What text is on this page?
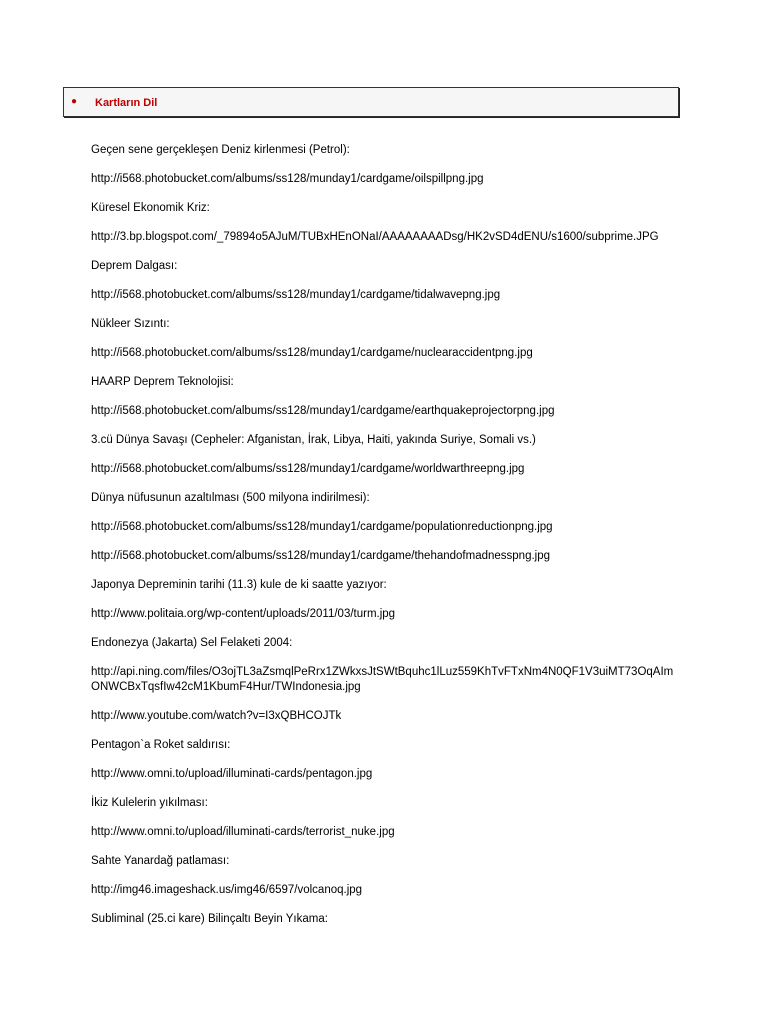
● Kartların Dil

Geçen sene gerçekleşen Deniz kirlenmesi (Petrol):

http://i568.photobucket.com/albums/ss128/munday1/cardgame/oilspillpng.jpg

Küresel Ekonomik Kriz:

http://3.bp.blogspot.com/_79894o5AJuM/TUBxHEnONaI/AAAAAAAADsg/HK2vSD4dENU/s1600/subprime.JPG

Deprem Dalgası:

http://i568.photobucket.com/albums/ss128/munday1/cardgame/tidalwavepng.jpg

Nükleer Sızıntı:

http://i568.photobucket.com/albums/ss128/munday1/cardgame/nuclearaccidentpng.jpg

HAARP Deprem Teknolojisi:

http://i568.photobucket.com/albums/ss128/munday1/cardgame/earthquakeprojectorpng.jpg

3.cü Dünya Savaşı (Cepheler: Afganistan, İrak, Libya, Haiti, yakında Suriye, Somali vs.)

http://i568.photobucket.com/albums/ss128/munday1/cardgame/worldwarthreepng.jpg

Dünya nüfusunun azaltılması (500 milyona indirilmesi):

http://i568.photobucket.com/albums/ss128/munday1/cardgame/populationreductionpng.jpg

http://i568.photobucket.com/albums/ss128/munday1/cardgame/thehandofmadnesspng.jpg

Japonya Depreminin tarihi (11.3) kule de ki saatte yazıyor:

http://www.politaia.org/wp-content/uploads/2011/03/turm.jpg

Endonezya (Jakarta) Sel Felaketi 2004:

http://api.ning.com/files/O3ojTL3aZsmqlPeRrx1ZWkxsJtSWtBquhc1lLuz559KhTvFTxNm4N0QF1V3uiMT73OqAImONWCBxTqsfIw42cM1KbumF4Hur/TWIndonesia.jpg

http://www.youtube.com/watch?v=I3xQBHCOJTk

Pentagon`a Roket saldırısı:

http://www.omni.to/upload/illuminati-cards/pentagon.jpg

İkiz Kulelerin yıkılması:

http://www.omni.to/upload/illuminati-cards/terrorist_nuke.jpg

Sahte Yanardağ patlaması:

http://img46.imageshack.us/img46/6597/volcanoq.jpg

Subliminal (25.ci kare) Bilinçaltı Beyin Yıkama:
